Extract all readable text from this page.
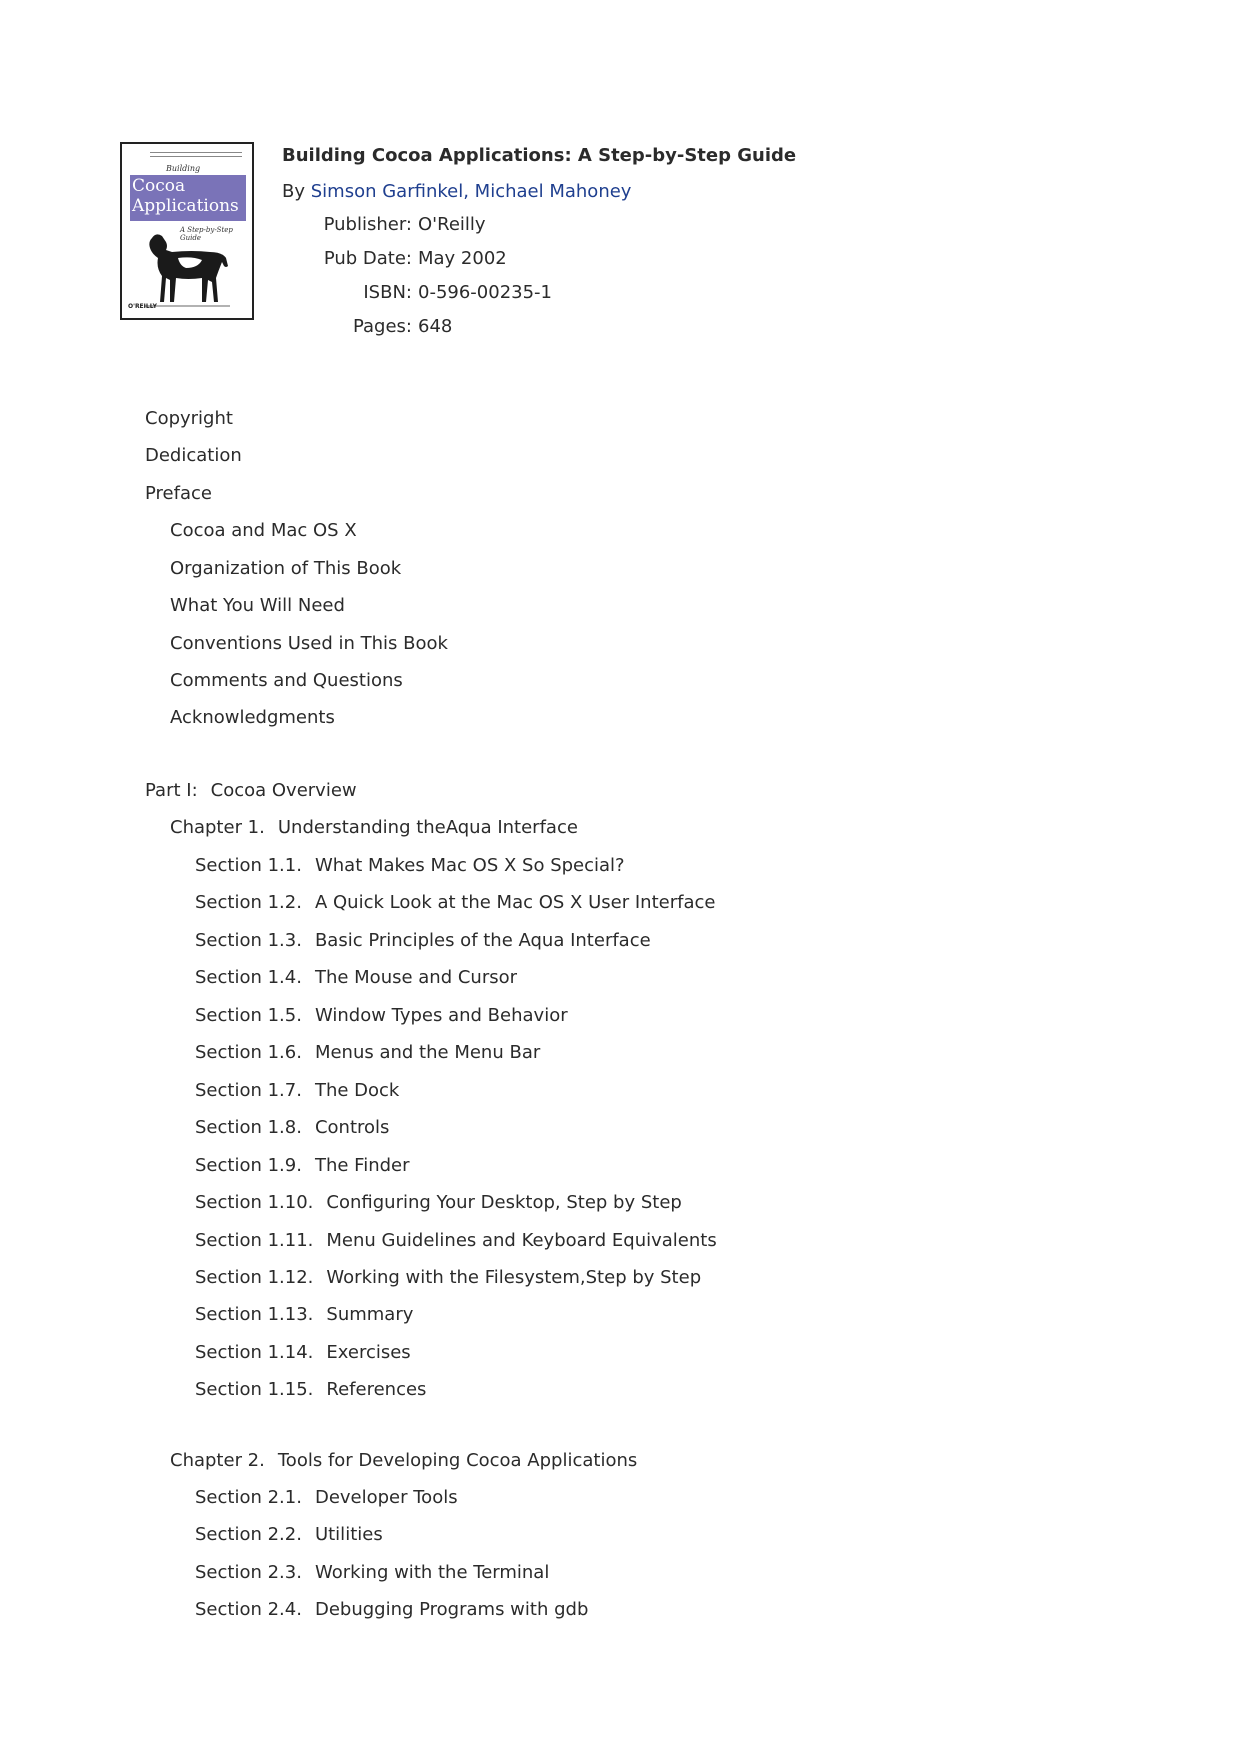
Building
Cocoa
Applications
A Step-by-Step Guide
O'REILLY
Building Cocoa Applications: A Step-by-Step Guide
By Simson Garfinkel, Michael Mahoney
Publisher: O'Reilly
Pub Date: May 2002
ISBN: 0-596-00235-1
Pages: 648
Copyright
Dedication
Preface
Cocoa and Mac OS X
Organization of This Book
What You Will Need
Conventions Used in This Book
Comments and Questions
Acknowledgments
Part I: Cocoa Overview
Chapter 1. Understanding theAqua Interface
Section 1.1. What Makes Mac OS X So Special?
Section 1.2. A Quick Look at the Mac OS X User Interface
Section 1.3. Basic Principles of the Aqua Interface
Section 1.4. The Mouse and Cursor
Section 1.5. Window Types and Behavior
Section 1.6. Menus and the Menu Bar
Section 1.7. The Dock
Section 1.8. Controls
Section 1.9. The Finder
Section 1.10. Configuring Your Desktop, Step by Step
Section 1.11. Menu Guidelines and Keyboard Equivalents
Section 1.12. Working with the Filesystem,Step by Step
Section 1.13. Summary
Section 1.14. Exercises
Section 1.15. References
Chapter 2. Tools for Developing Cocoa Applications
Section 2.1. Developer Tools
Section 2.2. Utilities
Section 2.3. Working with the Terminal
Section 2.4. Debugging Programs with gdb
